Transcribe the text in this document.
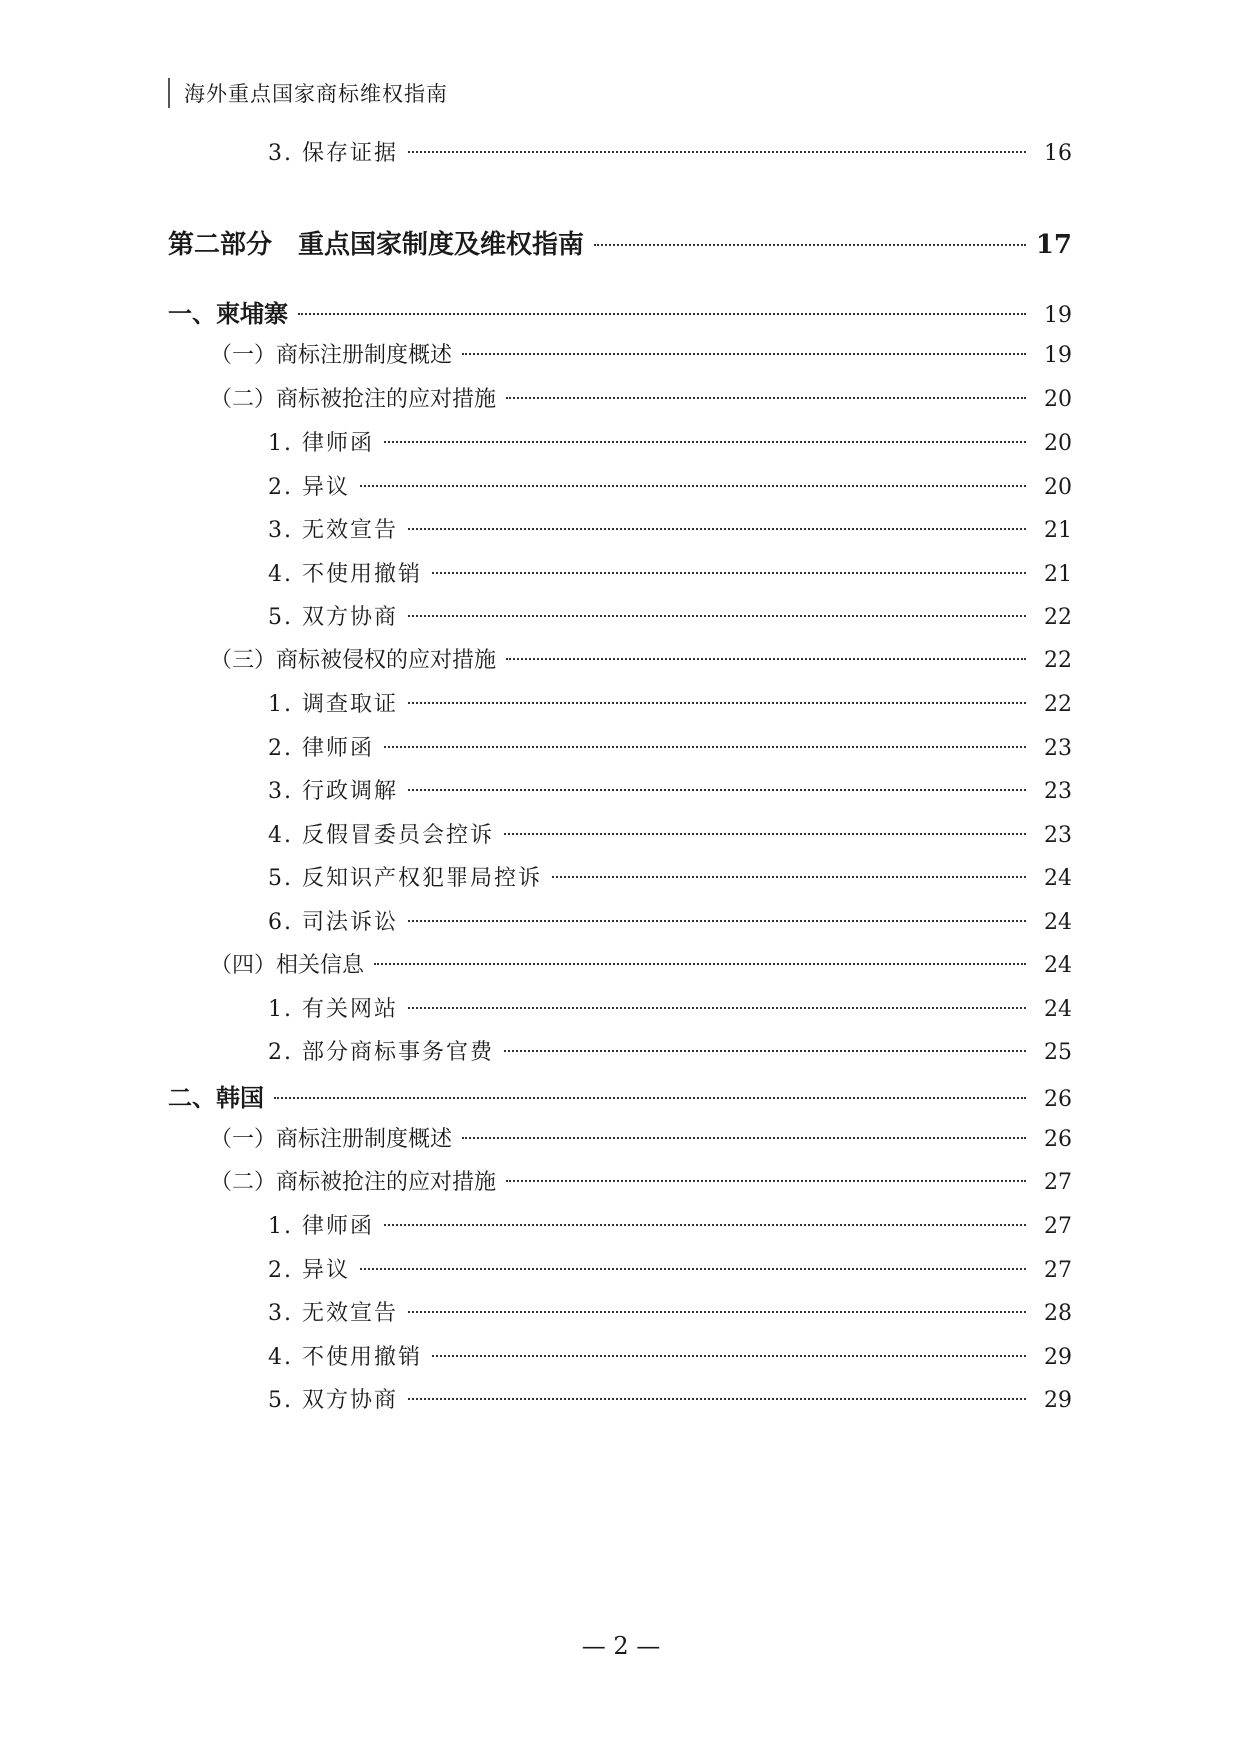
海外重点国家商标维权指南
3. 保存证据	16
第二部分　重点国家制度及维权指南	17
一、柬埔寨	19
（一）商标注册制度概述	19
（二）商标被抢注的应对措施	20
1. 律师函	20
2. 异议	20
3. 无效宣告	21
4. 不使用撤销	21
5. 双方协商	22
（三）商标被侵权的应对措施	22
1. 调查取证	22
2. 律师函	23
3. 行政调解	23
4. 反假冒委员会控诉	23
5. 反知识产权犯罪局控诉	24
6. 司法诉讼	24
（四）相关信息	24
1. 有关网站	24
2. 部分商标事务官费	25
二、韩国	26
（一）商标注册制度概述	26
（二）商标被抢注的应对措施	27
1. 律师函	27
2. 异议	27
3. 无效宣告	28
4. 不使用撤销	29
5. 双方协商	29
— 2 —
